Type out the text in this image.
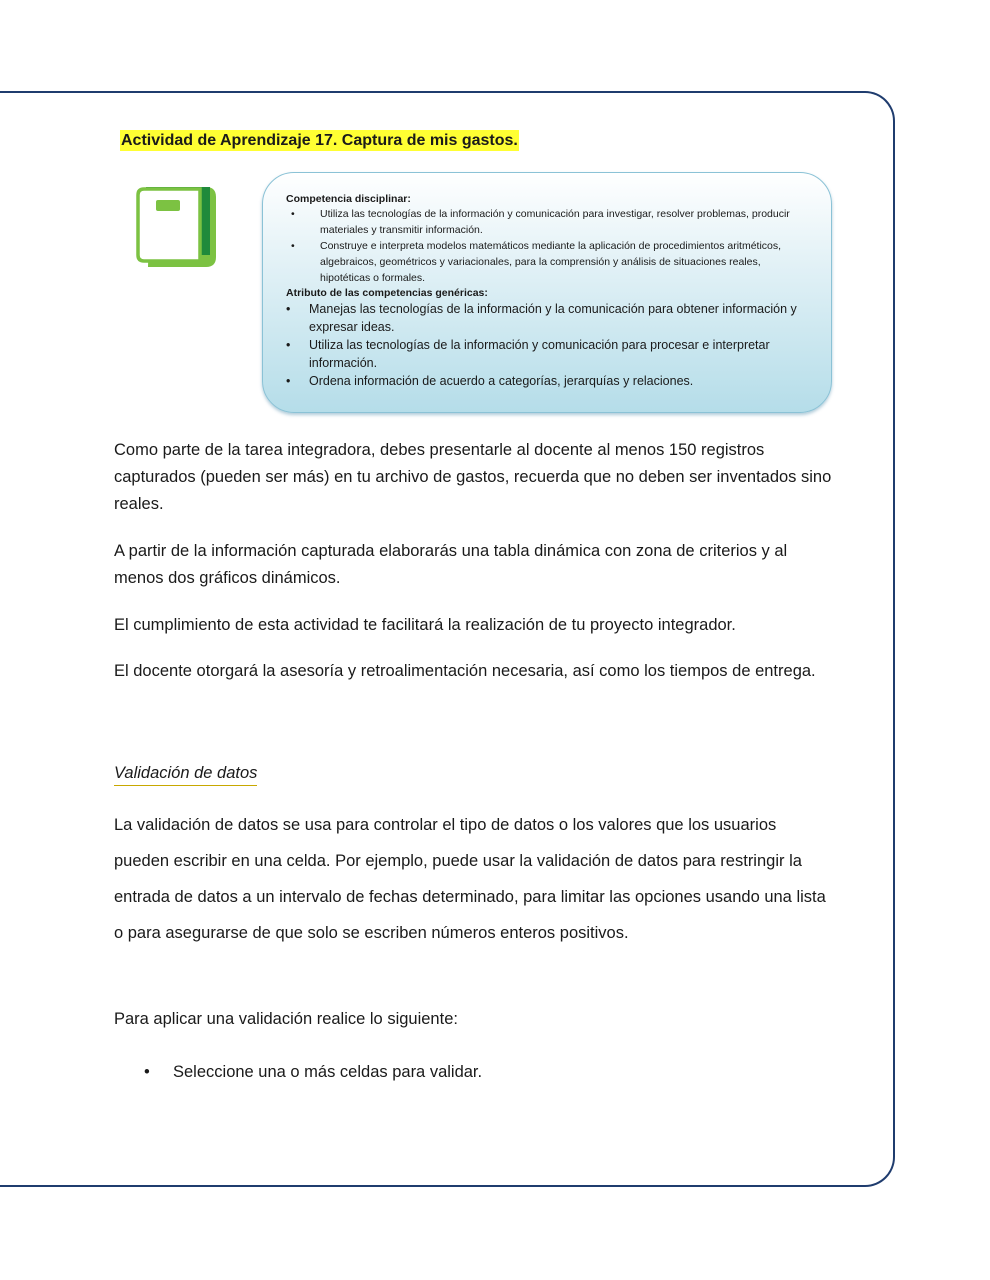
Actividad de Aprendizaje 17. Captura de mis gastos.
Competencia disciplinar:
• Utiliza las tecnologías de la información y comunicación para investigar, resolver problemas, producir materiales y transmitir información.
• Construye e interpreta modelos matemáticos mediante la aplicación de procedimientos aritméticos, algebraicos, geométricos y variacionales, para la comprensión y análisis de situaciones reales, hipotéticas o formales.
Atributo de las competencias genéricas:
• Manejas las tecnologías de la información y la comunicación para obtener información y expresar ideas.
• Utiliza las tecnologías de la información y comunicación para procesar e interpretar información.
• Ordena información de acuerdo a categorías, jerarquías y relaciones.

Como parte de la tarea integradora, debes presentarle al docente al menos 150 registros capturados (pueden ser más) en tu archivo de gastos, recuerda que no deben ser inventados sino reales.

A partir de la información capturada elaborarás una tabla dinámica con zona de criterios y al menos dos gráficos dinámicos.

El cumplimiento de esta actividad te facilitará la realización de tu proyecto integrador.

El docente otorgará la asesoría y retroalimentación necesaria, así como los tiempos de entrega.

Validación de datos

La validación de datos se usa para controlar el tipo de datos o los valores que los usuarios pueden escribir en una celda. Por ejemplo, puede usar la validación de datos para restringir la entrada de datos a un intervalo de fechas determinado, para limitar las opciones usando una lista o para asegurarse de que solo se escriben números enteros positivos.

Para aplicar una validación realice lo siguiente:

• Seleccione una o más celdas para validar.
